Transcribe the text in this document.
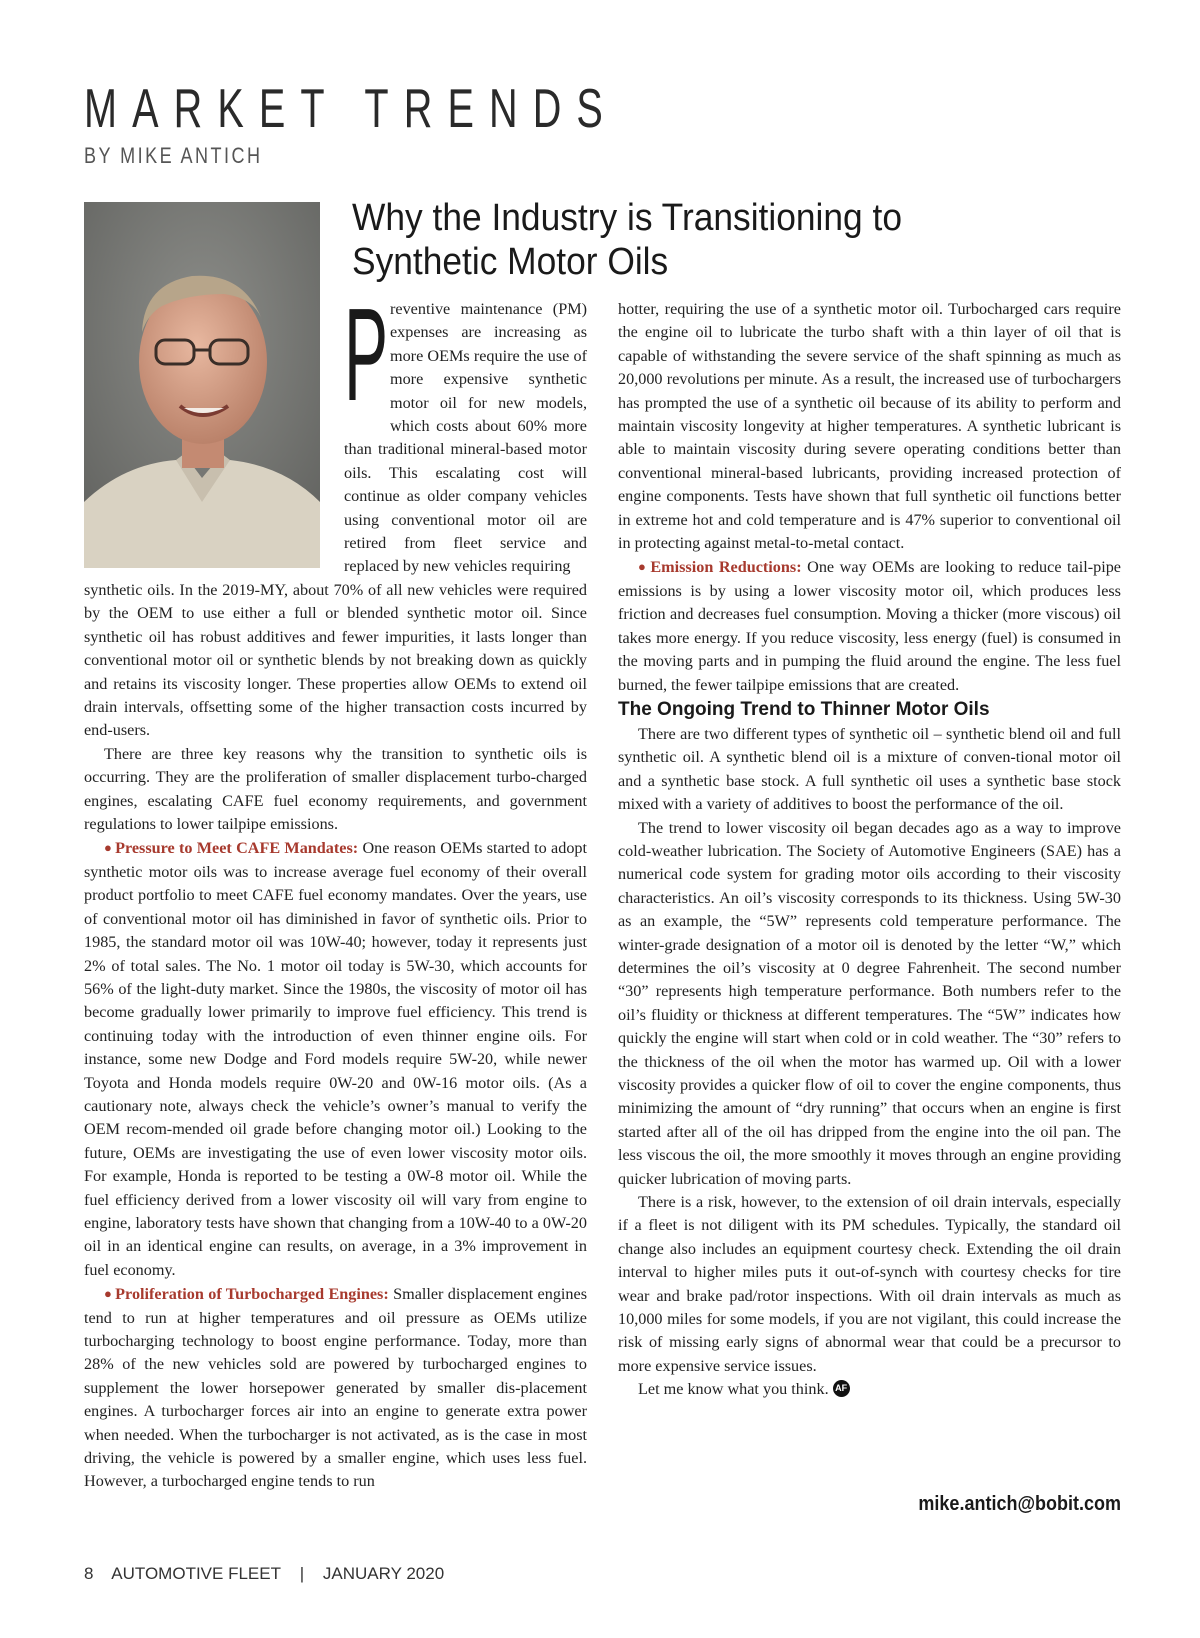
MARKET TRENDS
BY MIKE ANTICH
Why the Industry is Transitioning to
Synthetic Motor Oils
P reventive maintenance (PM) expenses are increasing as more OEMs require the use of more expensive synthetic motor oil for new models, which costs about 60% more than traditional mineral-based motor oils. This escalating cost will continue as older company vehicles using conventional motor oil are retired from fleet service and replaced by new vehicles requiring

synthetic oils. In the 2019-MY, about 70% of all new vehicles were required by the OEM to use either a full or blended synthetic motor oil. Since synthetic oil has robust additives and fewer impurities, it lasts longer than conventional motor oil or synthetic blends by not breaking down as quickly and retains its viscosity longer. These properties allow OEMs to extend oil drain intervals, offsetting some of the higher transaction costs incurred by end-users.

There are three key reasons why the transition to synthetic oils is occurring. They are the proliferation of smaller displacement turbo-charged engines, escalating CAFE fuel economy requirements, and government regulations to lower tailpipe emissions.

● Pressure to Meet CAFE Mandates: One reason OEMs started to adopt synthetic motor oils was to increase average fuel economy of their overall product portfolio to meet CAFE fuel economy mandates. Over the years, use of conventional motor oil has diminished in favor of synthetic oils. Prior to 1985, the standard motor oil was 10W-40; however, today it represents just 2% of total sales. The No. 1 motor oil today is 5W-30, which accounts for 56% of the light-duty market. Since the 1980s, the viscosity of motor oil has become gradually lower primarily to improve fuel efficiency. This trend is continuing today with the introduction of even thinner engine oils. For instance, some new Dodge and Ford models require 5W-20, while newer Toyota and Honda models require 0W-20 and 0W-16 motor oils. (As a cautionary note, always check the vehicle’s owner’s manual to verify the OEM recom-mended oil grade before changing motor oil.) Looking to the future, OEMs are investigating the use of even lower viscosity motor oils. For example, Honda is reported to be testing a 0W-8 motor oil. While the fuel efficiency derived from a lower viscosity oil will vary from engine to engine, laboratory tests have shown that changing from a 10W-40 to a 0W-20 oil in an identical engine can results, on average, in a 3% improvement in fuel economy.

● Proliferation of Turbocharged Engines: Smaller displacement engines tend to run at higher temperatures and oil pressure as OEMs utilize turbocharging technology to boost engine performance. Today, more than 28% of the new vehicles sold are powered by turbocharged engines to supplement the lower horsepower generated by smaller dis-placement engines. A turbocharger forces air into an engine to generate extra power when needed. When the turbocharger is not activated, as is the case in most driving, the vehicle is powered by a smaller engine, which uses less fuel. However, a turbocharged engine tends to run

hotter, requiring the use of a synthetic motor oil. Turbocharged cars require the engine oil to lubricate the turbo shaft with a thin layer of oil that is capable of withstanding the severe service of the shaft spinning as much as 20,000 revolutions per minute. As a result, the increased use of turbochargers has prompted the use of a synthetic oil because of its ability to perform and maintain viscosity longevity at higher temperatures. A synthetic lubricant is able to maintain viscosity during severe operating conditions better than conventional mineral-based lubricants, providing increased protection of engine components. Tests have shown that full synthetic oil functions better in extreme hot and cold temperature and is 47% superior to conventional oil in protecting against metal-to-metal contact.

● Emission Reductions: One way OEMs are looking to reduce tail-pipe emissions is by using a lower viscosity motor oil, which produces less friction and decreases fuel consumption. Moving a thicker (more viscous) oil takes more energy. If you reduce viscosity, less energy (fuel) is consumed in the moving parts and in pumping the fluid around the engine. The less fuel burned, the fewer tailpipe emissions that are created.

The Ongoing Trend to Thinner Motor Oils

There are two different types of synthetic oil – synthetic blend oil and full synthetic oil. A synthetic blend oil is a mixture of conven-tional motor oil and a synthetic base stock. A full synthetic oil uses a synthetic base stock mixed with a variety of additives to boost the performance of the oil.

The trend to lower viscosity oil began decades ago as a way to improve cold-weather lubrication. The Society of Automotive Engineers (SAE) has a numerical code system for grading motor oils according to their viscosity characteristics. An oil’s viscosity corresponds to its thickness. Using 5W-30 as an example, the “5W” represents cold temperature performance. The winter-grade designation of a motor oil is denoted by the letter “W,” which determines the oil’s viscosity at 0 degree Fahrenheit. The second number “30” represents high temperature performance. Both numbers refer to the oil’s fluidity or thickness at different temperatures. The “5W” indicates how quickly the engine will start when cold or in cold weather. The “30” refers to the thickness of the oil when the motor has warmed up. Oil with a lower viscosity provides a quicker flow of oil to cover the engine components, thus minimizing the amount of “dry running” that occurs when an engine is first started after all of the oil has dripped from the engine into the oil pan. The less viscous the oil, the more smoothly it moves through an engine providing quicker lubrication of moving parts.

There is a risk, however, to the extension of oil drain intervals, especially if a fleet is not diligent with its PM schedules. Typically, the standard oil change also includes an equipment courtesy check. Extending the oil drain interval to higher miles puts it out-of-synch with courtesy checks for tire wear and brake pad/rotor inspections. With oil drain intervals as much as 10,000 miles for some models, if you are not vigilant, this could increase the risk of missing early signs of abnormal wear that could be a precursor to more expensive service issues.

Let me know what you think. AF

mike.antich@bobit.com
8 AUTOMOTIVE FLEET | JANUARY 2020
